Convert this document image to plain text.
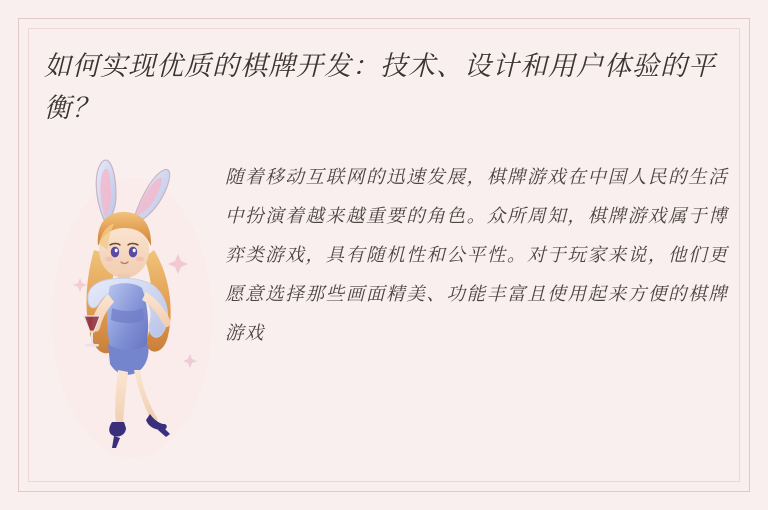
如何实现优质的棋牌开发：技术、设计和用户体验的平衡？

随着移动互联网的迅速发展，棋牌游戏在中国人民的生活中扮演着越来越重要的角色。众所周知，棋牌游戏属于博弈类游戏，具有随机性和公平性。对于玩家来说，他们更愿意选择那些画面精美、功能丰富且使用起来方便的棋牌游戏
